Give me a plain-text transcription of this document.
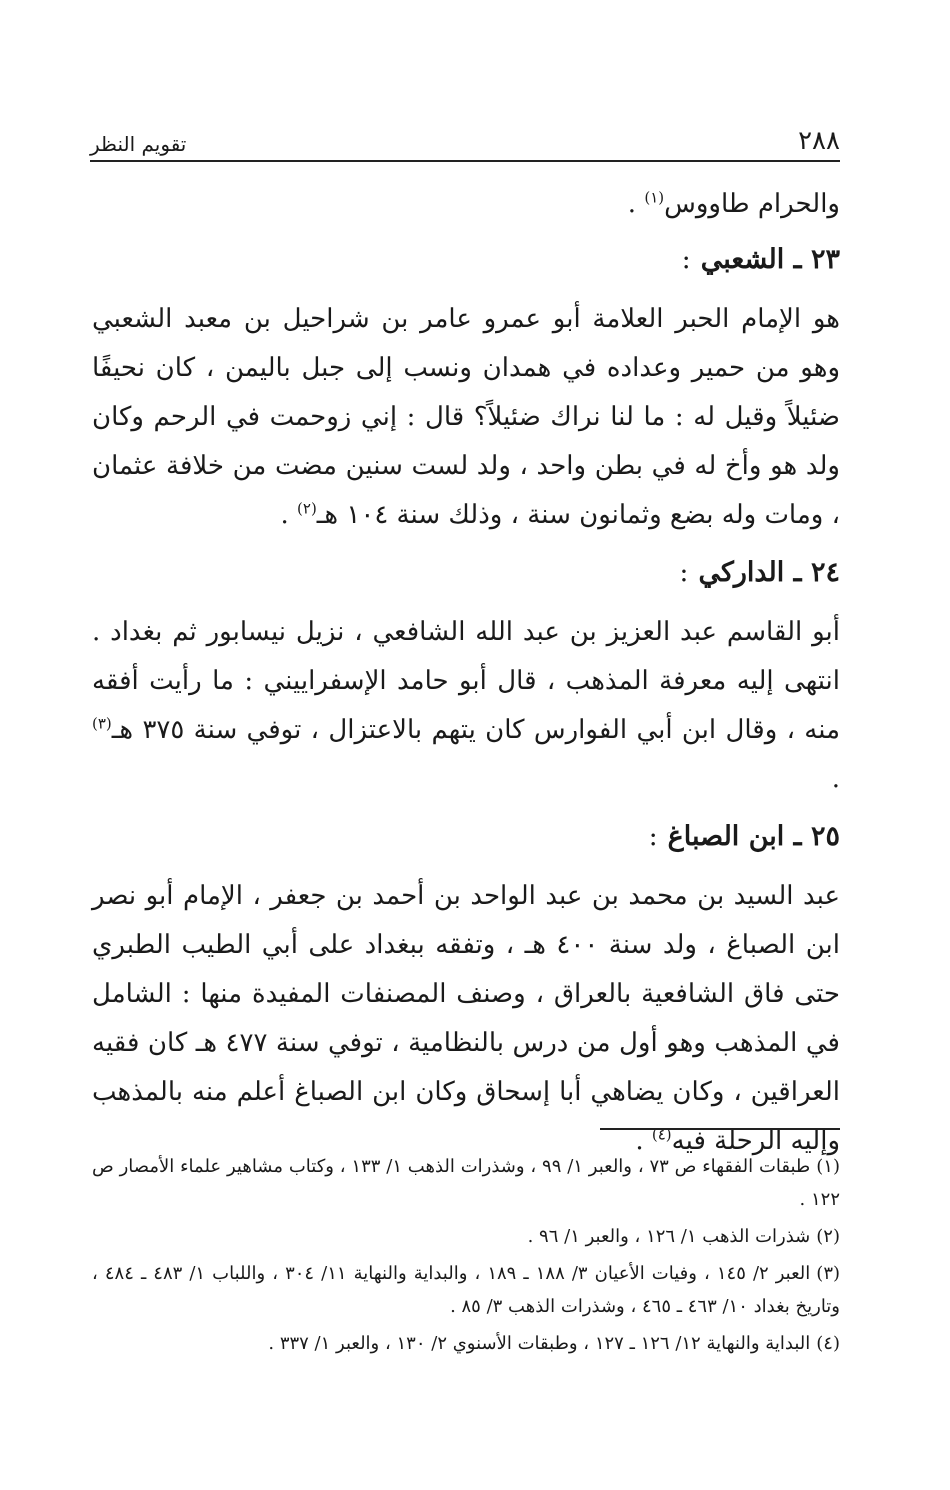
٢٨٨
تقويم النظر

والحرام طاووس$^{(١)}$ .

٢٣ ـ الشعبي:

هو الإمام الحبر العلامة أبو عمرو عامر بن شراحيل بن معبد الشعبي وهو من حمير وعداده في همدان ونسب إلى جبل باليمن ، كان نحيفًا ضئيلاً وقيل له : ما لنا نراك ضئيلاً؟ قال : إني زوحمت في الرحم وكان ولد هو وأخ له في بطن واحد ، ولد لست سنين مضت من خلافة عثمان ، ومات وله بضع وثمانون سنة ، وذلك سنة ١٠٤ هـ$^{(٢)}$ .

٢٤ ـ الداركي:

أبو القاسم عبد العزيز بن عبد الله الشافعي ، نزيل نيسابور ثم بغداد . انتهى إليه معرفة المذهب ، قال أبو حامد الإسفراييني : ما رأيت أفقه منه ، وقال ابن أبي الفوارس كان يتهم بالاعتزال ، توفي سنة ٣٧٥ هـ$^{(٣)}$ .

٢٥ ـ ابن الصباغ:

عبد السيد بن محمد بن عبد الواحد بن أحمد بن جعفر ، الإمام أبو نصر ابن الصباغ ، ولد سنة ٤٠٠ هـ ، وتفقه ببغداد على أبي الطيب الطبري حتى فاق الشافعية بالعراق ، وصنف المصنفات المفيدة منها : الشامل في المذهب وهو أول من درس بالنظامية ، توفي سنة ٤٧٧ هـ كان فقيه العراقين ، وكان يضاهي أبا إسحاق وكان ابن الصباغ أعلم منه بالمذهب وإليه الرحلة فيه$^{(٤)}$ .

(١)طبقات الفقهاء ص ٧٣ ، والعبر ١/ ٩٩ ، وشذرات الذهب ١/ ١٣٣ ، وكتاب مشاهير علماء الأمصار ص ١٢٢ .

(٢)شذرات الذهب ١/ ١٢٦ ، والعبر ١/ ٩٦ .

(٣)العبر ٢/ ١٤٥ ، وفيات الأعيان ٣/ ١٨٨ ـ ١٨٩ ، والبداية والنهاية ١١/ ٣٠٤ ، واللباب ١/ ٤٨٣ ـ ٤٨٤ ، وتاريخ بغداد ١٠/ ٤٦٣ ـ ٤٦٥ ، وشذرات الذهب ٣/ ٨٥ .

(٤)البداية والنهاية ١٢/ ١٢٦ ـ ١٢٧ ، وطبقات الأسنوي ٢/ ١٣٠ ، والعبر ١/ ٣٣٧ .
